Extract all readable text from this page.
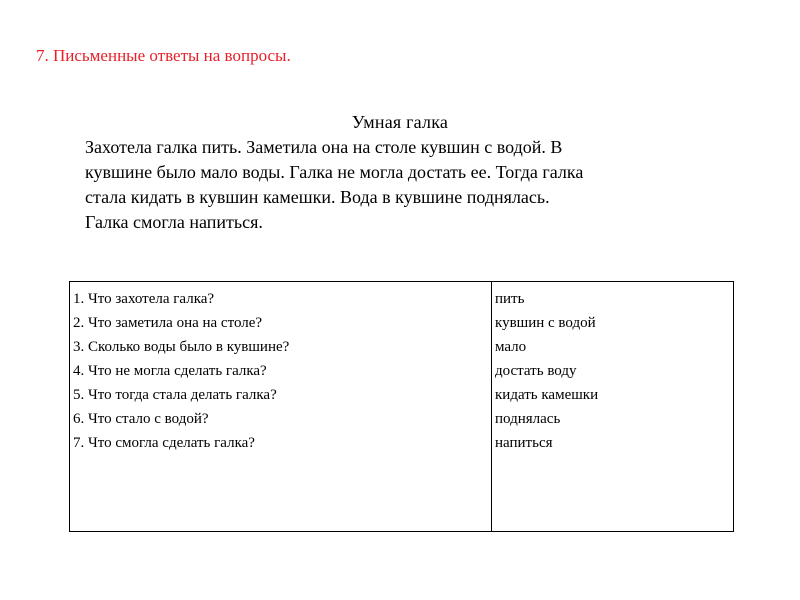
7. Письменные ответы на вопросы.
Умная галка
Захотела галка пить. Заметила она на столе кувшин с водой. В
кувшине было мало воды. Галка не могла достать ее. Тогда галка
стала кидать в кувшин камешки. Вода в кувшине поднялась.
Галка смогла напиться.
1. Что захотела галка?
2. Что заметила она на столе?
3. Сколько воды было в кувшине?
4. Что не могла сделать галка?
5. Что тогда стала делать галка?
6. Что стало с водой?
7. Что смогла сделать галка?
пить
кувшин с водой
мало
достать воду
кидать камешки
поднялась
напиться
